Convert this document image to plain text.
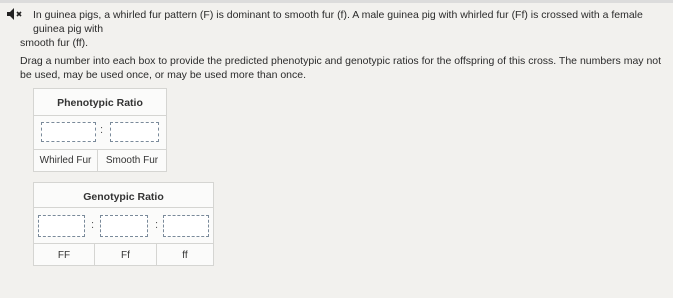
In guinea pigs, a whirled fur pattern (F) is dominant to smooth fur (f). A male guinea pig with whirled fur (Ff) is crossed with a female guinea pig with
smooth fur (ff).
Drag a number into each box to provide the predicted phenotypic and genotypic ratios for the offspring of this cross. The numbers may not be used, may be used once, or may be used more than once.
Phenotypic Ratio
:
Whirled Fur	Smooth Fur
Genotypic Ratio
:	:
FF	Ff	ff
